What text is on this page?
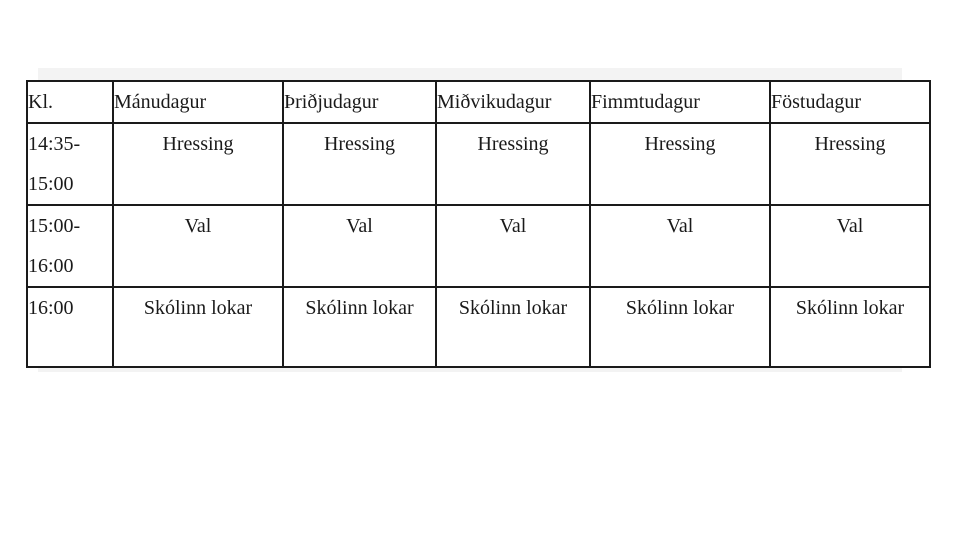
Kl.	Mánudagur	Þriðjudagur	Miðvikudagur	Fimmtudagur	Föstudagur

14:35-
15:00	Hressing	Hressing	Hressing	Hressing	Hressing

15:00-
16:00	Val	Val	Val	Val	Val

16:00	Skólinn lokar	Skólinn lokar	Skólinn lokar	Skólinn lokar	Skólinn lokar
